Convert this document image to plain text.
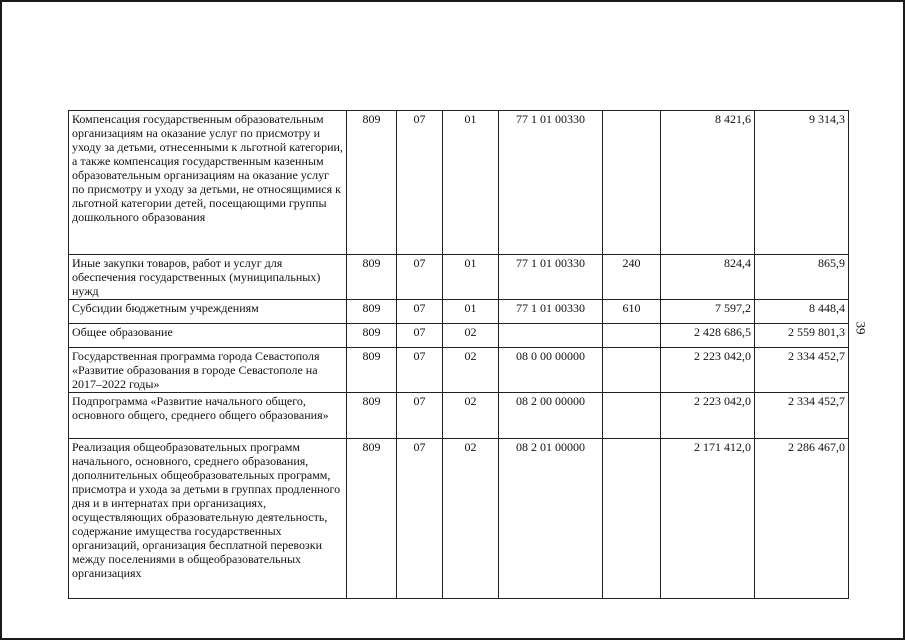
Компенсация государственным образовательным организациям на оказание услуг по присмотру и уходу за детьми, отнесенными к льготной категории, а также компенсация государственным казенным образовательным организациям на оказание услуг по присмотру и уходу за детьми, не относящимися к льготной категории детей, посещающими группы дошкольного образования	809	07	01	77 1 01 00330		8 421,6	9 314,3
Иные закупки товаров, работ и услуг для обеспечения государственных (муниципальных) нужд	809	07	01	77 1 01 00330	240	824,4	865,9
Субсидии бюджетным учреждениям	809	07	01	77 1 01 00330	610	7 597,2	8 448,4
Общее образование	809	07	02			2 428 686,5	2 559 801,3
Государственная программа города Севастополя «Развитие образования в городе Севастополе на 2017–2022 годы»	809	07	02	08 0 00 00000		2 223 042,0	2 334 452,7
Подпрограмма «Развитие начального общего, основного общего, среднего общего образования»	809	07	02	08 2 00 00000		2 223 042,0	2 334 452,7
Реализация общеобразовательных программ начального, основного, среднего образования, дополнительных общеобразовательных программ, присмотра и ухода за детьми в группах продленного дня и в интернатах при организациях, осуществляющих образовательную деятельность, содержание имущества государственных организаций, организация бесплатной перевозки между поселениями в общеобразовательных организациях	809	07	02	08 2 01 00000		2 171 412,0	2 286 467,0
39
